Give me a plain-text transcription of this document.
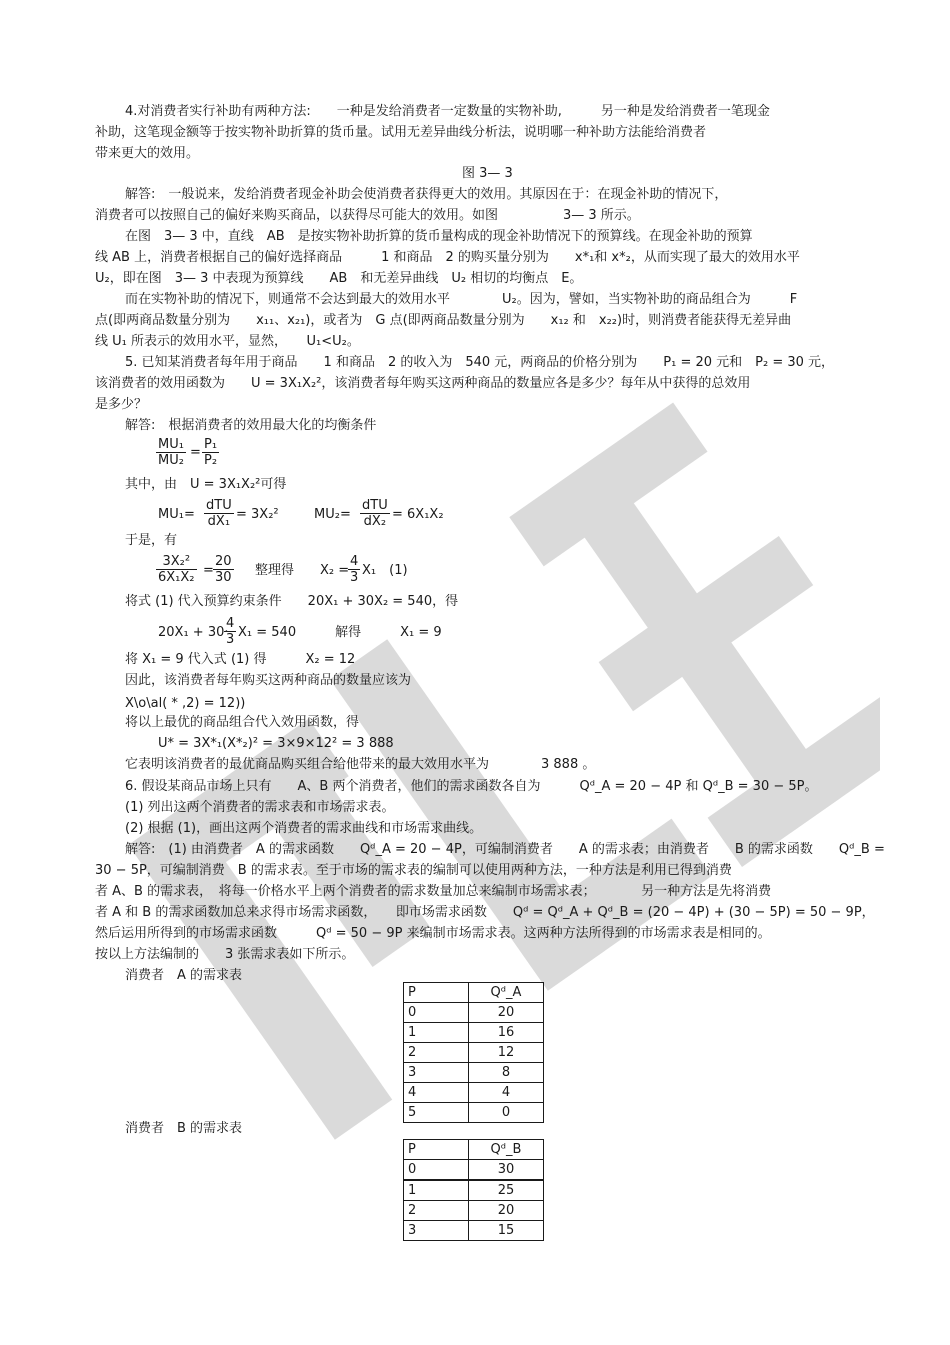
4.对消费者实行补助有两种方法:　　一种是发给消费者一定数量的实物补助,　　　另一种是发给消费者一笔现金
补助，这笔现金额等于按实物补助折算的货币量。试用无差异曲线分析法，说明哪一种补助方法能给消费者
带来更大的效用。
图 3— 3
解答:　一般说来，发给消费者现金补助会使消费者获得更大的效用。其原因在于：在现金补助的情况下，
消费者可以按照自己的偏好来购买商品，以获得尽可能大的效用。如图　　　　　3— 3 所示。
在图　3— 3 中，直线　AB　是按实物补助折算的货币量构成的现金补助情况下的预算线。在现金补助的预算
线 AB 上，消费者根据自己的偏好选择商品　　　1 和商品　2 的购买量分别为　　x*₁和 x*₂，从而实现了最大的效用水平
U₂，即在图　3— 3 中表现为预算线　　AB　和无差异曲线　U₂ 相切的均衡点　E。
而在实物补助的情况下，则通常不会达到最大的效用水平　　　　U₂。因为，譬如，当实物补助的商品组合为　　　F
点(即两商品数量分别为　　x₁₁、x₂₁)，或者为　G 点(即两商品数量分别为　　x₁₂ 和　x₂₂)时，则消费者能获得无差异曲
线 U₁ 所表示的效用水平，显然，　　U₁<U₂。
5. 已知某消费者每年用于商品　　1 和商品　2 的收入为　540 元，两商品的价格分别为　　P₁ = 20 元和　P₂ = 30 元，
该消费者的效用函数为　　U = 3X₁X₂²，该消费者每年购买这两种商品的数量应各是多少？每年从中获得的总效用
是多少？
解答:　根据消费者的效用最大化的均衡条件
$\frac{\text{MU₁}}{\text{MU₂}} = \frac{\text{P₁}}{\text{P₂}}$
其中，由　U = 3X₁X₂²可得
MU₁=
dTU
dX₁ = 3X₂²	MU₂=
dTU
dX₂ = 6X₁X₂
于是，有
$\frac{\text{3X₂²}}{\text{6X₁X₂}} = \frac{20}{30}$ 整理得　　X₂ =
$\frac{4}{3} X_1$　(1)
将式 (1) 代入预算约束条件　　20X₁ + 30X₂ = 540，得
20X₁ + 30·
$\frac{4}{3} X_1 = 540$　　　解得　　　X₁ = 9
将 X₁ = 9 代入式 (1) 得　　　X₂ = 12
因此，该消费者每年购买这两种商品的数量应该为
X\o\al( * ,2) = 12))
将以上最优的商品组合代入效用函数，得
U* = 3X*₁(X*₂)² = 3×9×12² = 3 888
它表明该消费者的最优商品购买组合给他带来的最大效用水平为　　　　3 888 。
6. 假设某商品市场上只有　　A、B 两个消费者，他们的需求函数各自为　　　Qᵈ_A = 20 − 4P 和 Qᵈ_B = 30 − 5P。
(1) 列出这两个消费者的需求表和市场需求表。
(2) 根据 (1)，画出这两个消费者的需求曲线和市场需求曲线。
解答:　(1) 由消费者　A 的需求函数　　Qᵈ_A = 20 − 4P，可编制消费者　　A 的需求表；由消费者　　B 的需求函数　　Qᵈ_B =
30 − 5P，可编制消费　B 的需求表。至于市场的需求表的编制可以使用两种方法，一种方法是利用已得到消费
者 A、B 的需求表，　将每一价格水平上两个消费者的需求数量加总来编制市场需求表；　　　　另一种方法是先将消费
者 A 和 B 的需求函数加总来求得市场需求函数，　　即市场需求函数　　Qᵈ = Qᵈ_A + Qᵈ_B = (20 − 4P) + (30 − 5P) = 50 − 9P，
然后运用所得到的市场需求函数　　　Qᵈ = 50 − 9P 来编制市场需求表。这两种方法所得到的市场需求表是相同的。
按以上方法编制的　　3 张需求表如下所示。
消费者　A 的需求表
P	Qᵈ_A
0	20
1	16
2	12
3	8
4	4
5	0
消费者　B 的需求表
P	Qᵈ_B
0	30
1	25
2	20
3	15
